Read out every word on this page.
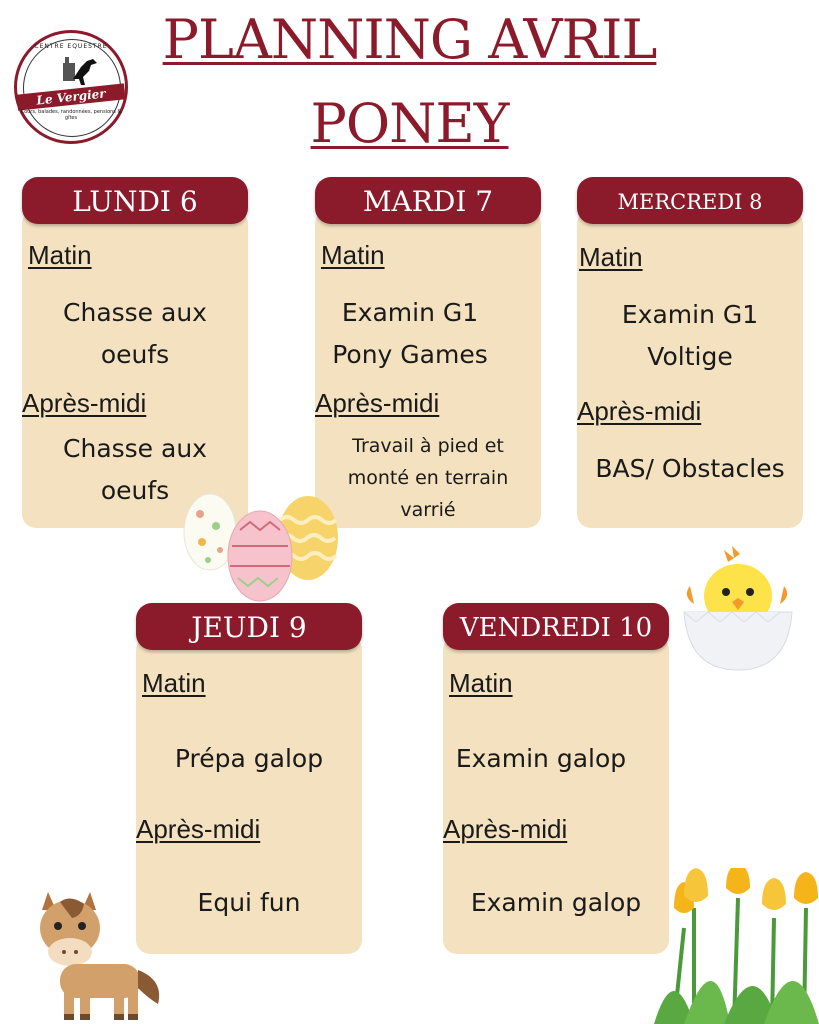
PLANNING AVRIL
PONEY
CENTRE EQUESTRE
Le Vergier
Cours, balades, randonnées, pensions & gîtes
Matin
Chasse aux
oeufs
Après-midi
Chasse aux
oeufs
LUNDI 6
Matin
Examin G1
Pony Games
Après-midi
Travail à pied et
monté en terrain
varrié
MARDI 7
Matin
Examin G1
Voltige
Après-midi
BAS/ Obstacles
MERCREDI 8
Matin
Prépa galop
Après-midi
Equi fun
JEUDI 9
Matin
Examin galop
Après-midi
Examin galop
VENDREDI 10
